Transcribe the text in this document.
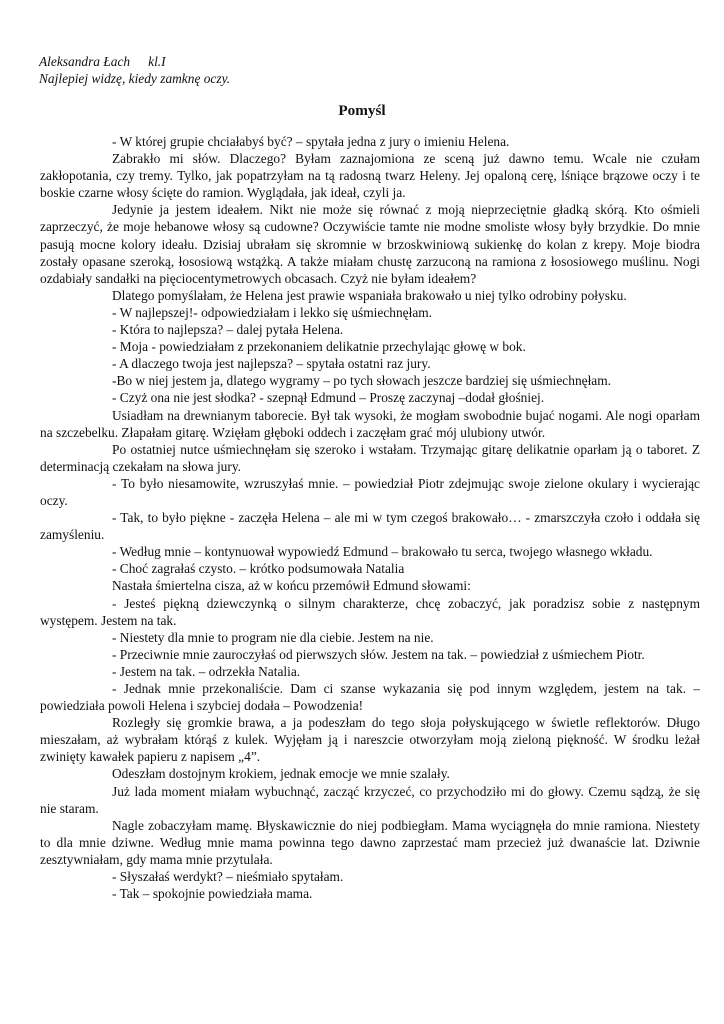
Aleksandra Łach kl.I
Najlepiej widzę, kiedy zamknę oczy.
Pomyśl

- W której grupie chciałabyś być? – spytała jedna z jury o imieniu Helena.

Zabrakło mi słów. Dlaczego? Byłam zaznajomiona ze sceną już dawno temu. Wcale nie czułam zakłopotania, czy tremy. Tylko, jak popatrzyłam na tą radosną twarz Heleny. Jej opaloną cerę, lśniące brązowe oczy i te boskie czarne włosy ścięte do ramion. Wyglądała, jak ideał, czyli ja.

Jedynie ja jestem ideałem. Nikt nie może się równać z moją nieprzeciętnie gładką skórą. Kto ośmieli zaprzeczyć, że moje hebanowe włosy są cudowne? Oczywiście tamte nie modne smoliste włosy były brzydkie. Do mnie pasują mocne kolory ideału. Dzisiaj ubrałam się skromnie w brzoskwiniową sukienkę do kolan z krepy. Moje biodra zostały opasane szeroką, łososiową wstążką. A także miałam chustę zarzuconą na ramiona z łososiowego muślinu. Nogi ozdabiały sandałki na pięciocentymetrowych obcasach. Czyż nie byłam ideałem?

Dlatego pomyślałam, że Helena jest prawie wspaniała brakowało u niej tylko odrobiny połysku.

- W najlepszej!- odpowiedziałam i lekko się uśmiechnęłam.

- Która to najlepsza? – dalej pytała Helena.

- Moja - powiedziałam z przekonaniem delikatnie przechylając głowę w bok.

- A dlaczego twoja jest najlepsza? – spytała ostatni raz jury.

-Bo w niej jestem ja, dlatego wygramy – po tych słowach jeszcze bardziej się uśmiechnęłam.

- Czyż ona nie jest słodka? - szepnął Edmund – Proszę zaczynaj –dodał głośniej.

Usiadłam na drewnianym taborecie. Był tak wysoki, że mogłam swobodnie bujać nogami. Ale nogi oparłam na szczebelku. Złapałam gitarę. Wzięłam głęboki oddech i zaczęłam grać mój ulubiony utwór.

Po ostatniej nutce uśmiechnęłam się szeroko i wstałam. Trzymając gitarę delikatnie oparłam ją o taboret. Z determinacją czekałam na słowa jury.

- To było niesamowite, wzruszyłaś mnie. – powiedział Piotr zdejmując swoje zielone okulary i wycierając oczy.

- Tak, to było piękne - zaczęła Helena – ale mi w tym czegoś brakowało… - zmarszczyła czoło i oddała się zamyśleniu.

- Według mnie – kontynuował wypowiedź Edmund – brakowało tu serca, twojego własnego wkładu.

- Choć zagrałaś czysto. – krótko podsumowała Natalia

Nastała śmiertelna cisza, aż w końcu przemówił Edmund słowami:

- Jesteś piękną dziewczynką o silnym charakterze, chcę zobaczyć, jak poradzisz sobie z następnym występem. Jestem na tak.

- Niestety dla mnie to program nie dla ciebie. Jestem na nie.

- Przeciwnie mnie zauroczyłaś od pierwszych słów. Jestem na tak. – powiedział z uśmiechem Piotr.

- Jestem na tak. – odrzekła Natalia.

- Jednak mnie przekonaliście. Dam ci szanse wykazania się pod innym względem, jestem na tak. – powiedziała powoli Helena i szybciej dodała – Powodzenia!

Rozległy się gromkie brawa, a ja podeszłam do tego słoja połyskującego w świetle reflektorów. Długo mieszałam, aż wybrałam którąś z kulek. Wyjęłam ją i nareszcie otworzyłam moją zieloną piękność. W środku leżał zwinięty kawałek papieru z napisem „4”.

Odeszłam dostojnym krokiem, jednak emocje we mnie szalały.

Już lada moment miałam wybuchnąć, zacząć krzyczeć, co przychodziło mi do głowy. Czemu sądzą, że się nie staram.

Nagle zobaczyłam mamę. Błyskawicznie do niej podbiegłam. Mama wyciągnęła do mnie ramiona. Niestety to dla mnie dziwne. Według mnie mama powinna tego dawno zaprzestać mam przecież już dwanaście lat. Dziwnie zesztywniałam, gdy mama mnie przytulała.

- Słyszałaś werdykt? – nieśmiało spytałam.

- Tak – spokojnie powiedziała mama.
